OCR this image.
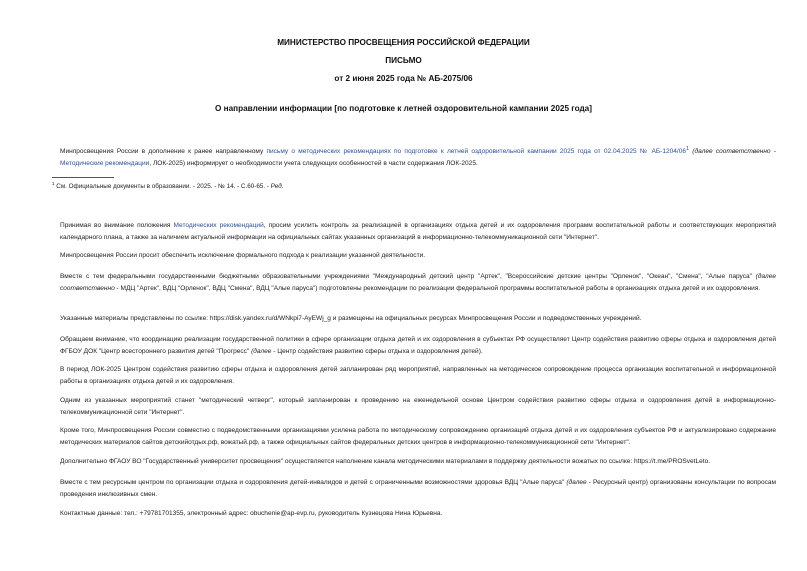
МИНИСТЕРСТВО ПРОСВЕЩЕНИЯ РОССИЙСКОЙ ФЕДЕРАЦИИ
ПИСЬМО
от 2 июня 2025 года № АБ-2075/06
О направлении информации [по подготовке к летней оздоровительной кампании 2025 года]

Минпросвещения России в дополнение к ранее направленному письму о методических рекомендациях по подготовке к летней оздоровительной кампании 2025 года от 02.04.2025 № $АБ-1204/06^1$ (далее соответственно - Методические рекомендации, ЛОК-2025) информирует о необходимости учета следующих особенностей в части содержания ЛОК-2025.

$^1$ См. Официальные документы в образовании. - 2025. - № 14. - С.60-65. - Ред.

Принимая во внимание положения Методических рекомендаций, просим усилить контроль за реализацией в организациях отдыха детей и их оздоровления программ воспитательной работы и соответствующих мероприятий календарного плана, а также за наличием актуальной информации на официальных сайтах указанных организаций в информационно-телекоммуникационной сети "Интернет".

Минпросвещения России просит обеспечить исключение формального подхода к реализации указанной деятельности.

Вместе с тем федеральными государственными бюджетными образовательными учреждениями "Международный детский центр "Артек", "Всероссийские детские центры "Орленок", "Океан", "Смена", "Алые паруса" (далее соответственно - МДЦ "Артек", ВДЦ "Орленок", ВДЦ "Смена", ВДЦ "Алые паруса") подготовлены рекомендации по реализации федеральной программы воспитательной работы в организациях отдыха детей и их оздоровления.

Указанные материалы представлены по ссылке: https://disk.yandex.ru/d/WNkpi7-AyEWj_g и размещены на официальных ресурсах Минпросвещения России и подведомственных учреждений.

Обращаем внимание, что координацию реализации государственной политики в сфере организации отдыха детей и их оздоровления в субъектах РФ осуществляет Центр содействия развитию сферы отдыха и оздоровления детей ФГБОУ ДОК "Центр всестороннего развития детей "Прогресс" (далее - Центр содействия развитию сферы отдыха и оздоровления детей).

В период ЛОК-2025 Центром содействия развитию сферы отдыха и оздоровления детей запланирован ряд мероприятий, направленных на методическое сопровождение процесса организации воспитательной и информационной работы в организациях отдыха детей и их оздоровления.

Одним из указанных мероприятий станет "методический четверг", который запланирован к проведению на еженедельной основе Центром содействия развитию сферы отдыха и оздоровления детей в информационно-телекоммуникационной сети "Интернет".

Кроме того, Минпросвещения России совместно с подведомственными организациями усилена работа по методическому сопровождению организаций отдыха детей и их оздоровления субъектов РФ и актуализировано содержание методических материалов сайтов детскийотдых.рф, вожатый.рф, а также официальных сайтов федеральных детских центров в информационно-телекоммуникационной сети "Интернет".

Дополнительно ФГАОУ ВО "Государственный университет просвещения" осуществляется наполнение канала методическими материалами в поддержку деятельности вожатых по ссылке: https://t.me/PROSvetLeto.

Вместе с тем ресурсным центром по организации отдыха и оздоровления детей-инвалидов и детей с ограниченными возможностями здоровья ВДЦ "Алые паруса" (далее - Ресурсный центр) организованы консультации по вопросам проведения инклюзивных смен.

Контактные данные: тел.: +79781701355, электронный адрес: obuchenie@ap-evp.ru, руководитель Кузнецова Нина Юрьевна.
